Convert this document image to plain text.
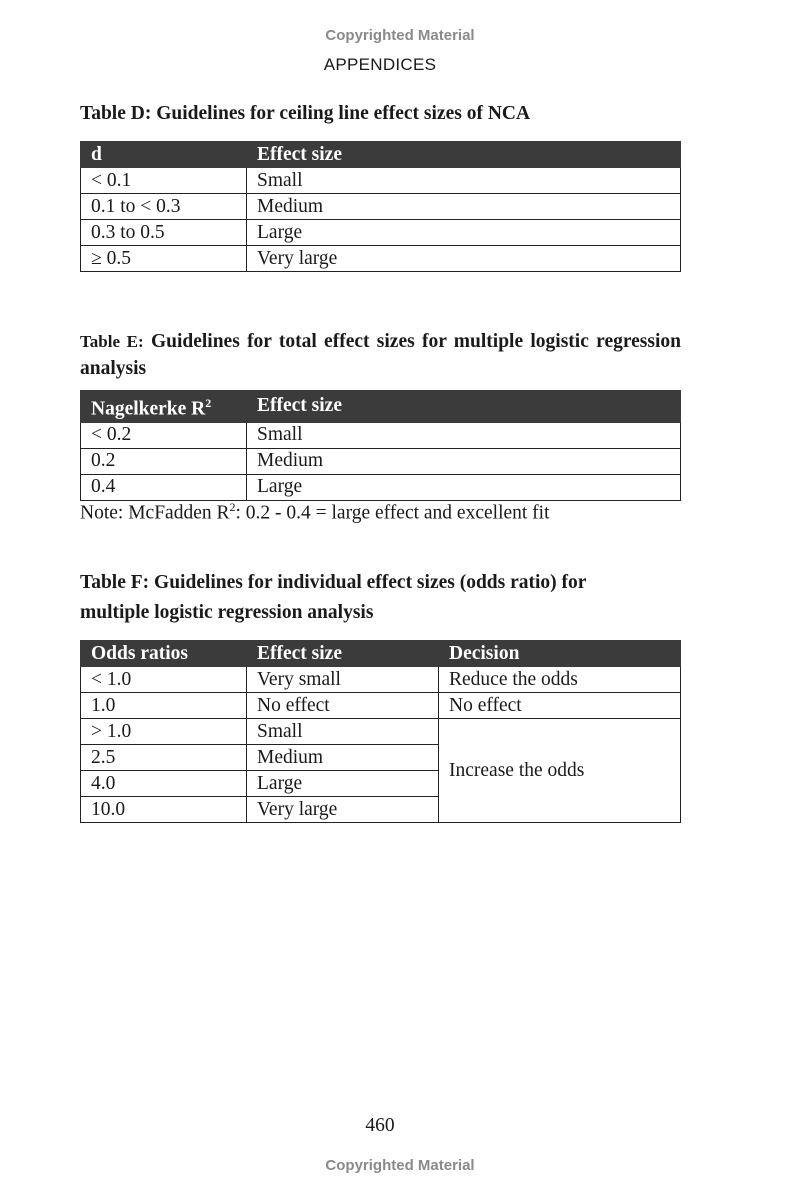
Copyrighted Material
APPENDICES
Table D: Guidelines for ceiling line effect sizes of NCA
d	Effect size
< 0.1	Small
0.1 to < 0.3	Medium
0.3 to 0.5	Large
≥ 0.5	Very large
Table E: Guidelines for total effect sizes for multiple logistic regression analysis
Nagelkerke $R^2$	Effect size
< 0.2	Small
0.2	Medium
0.4	Large
Note: McFadden $R^2$: 0.2 - 0.4 = large effect and excellent fit
Table F: Guidelines for individual effect sizes (odds ratio) for
multiple logistic regression analysis
Odds ratios	Effect size	Decision
< 1.0	Very small	Reduce the odds
1.0	No effect	No effect
> 1.0	Small	Increase the odds
2.5	Medium	
4.0	Large	
10.0	Very large	
460
Copyrighted Material
